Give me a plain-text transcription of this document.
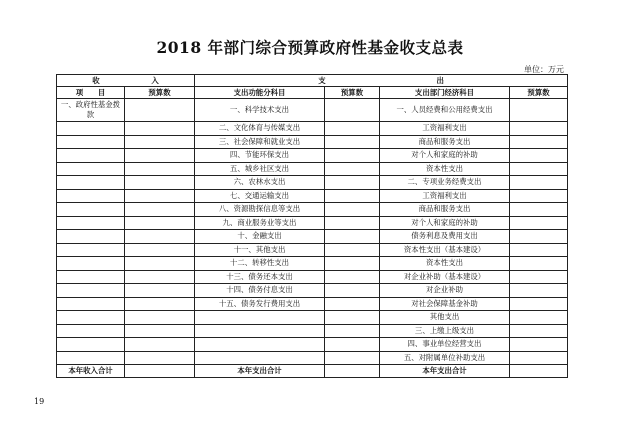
2018 年部门综合预算政府性基金收支总表
单位：万元
收　　　　　　　入		支　　　　　　　　　　　　　　　出			
项　　目	预算数	支出功能分科目	预算数	支出部门经济科目	预算数
一、政府性基金拨款		一、科学技术支出		一、人员经费和公用经费支出	
		二、文化体育与传媒支出		工资福利支出	
		三、社会保障和就业支出		商品和服务支出	
		四、节能环保支出		对个人和家庭的补助	
		五、城乡社区支出		资本性支出	
		六、农林水支出		二、专项业务经费支出	
		七、交通运输支出		工资福利支出	
		八、资源勘探信息等支出		商品和服务支出	
		九、商业服务业等支出		对个人和家庭的补助	
		十、金融支出		债务利息及费用支出	
		十一、其他支出		资本性支出（基本建设）	
		十二、转移性支出		资本性支出	
		十三、债务还本支出		对企业补助（基本建设）	
		十四、债务付息支出		对企业补助	
		十五、债务发行费用支出		对社会保障基金补助	
				其他支出	
				三、上缴上级支出	
				四、事业单位经营支出	
				五、对附属单位补助支出	
本年收入合计		本年支出合计		本年支出合计	
19
